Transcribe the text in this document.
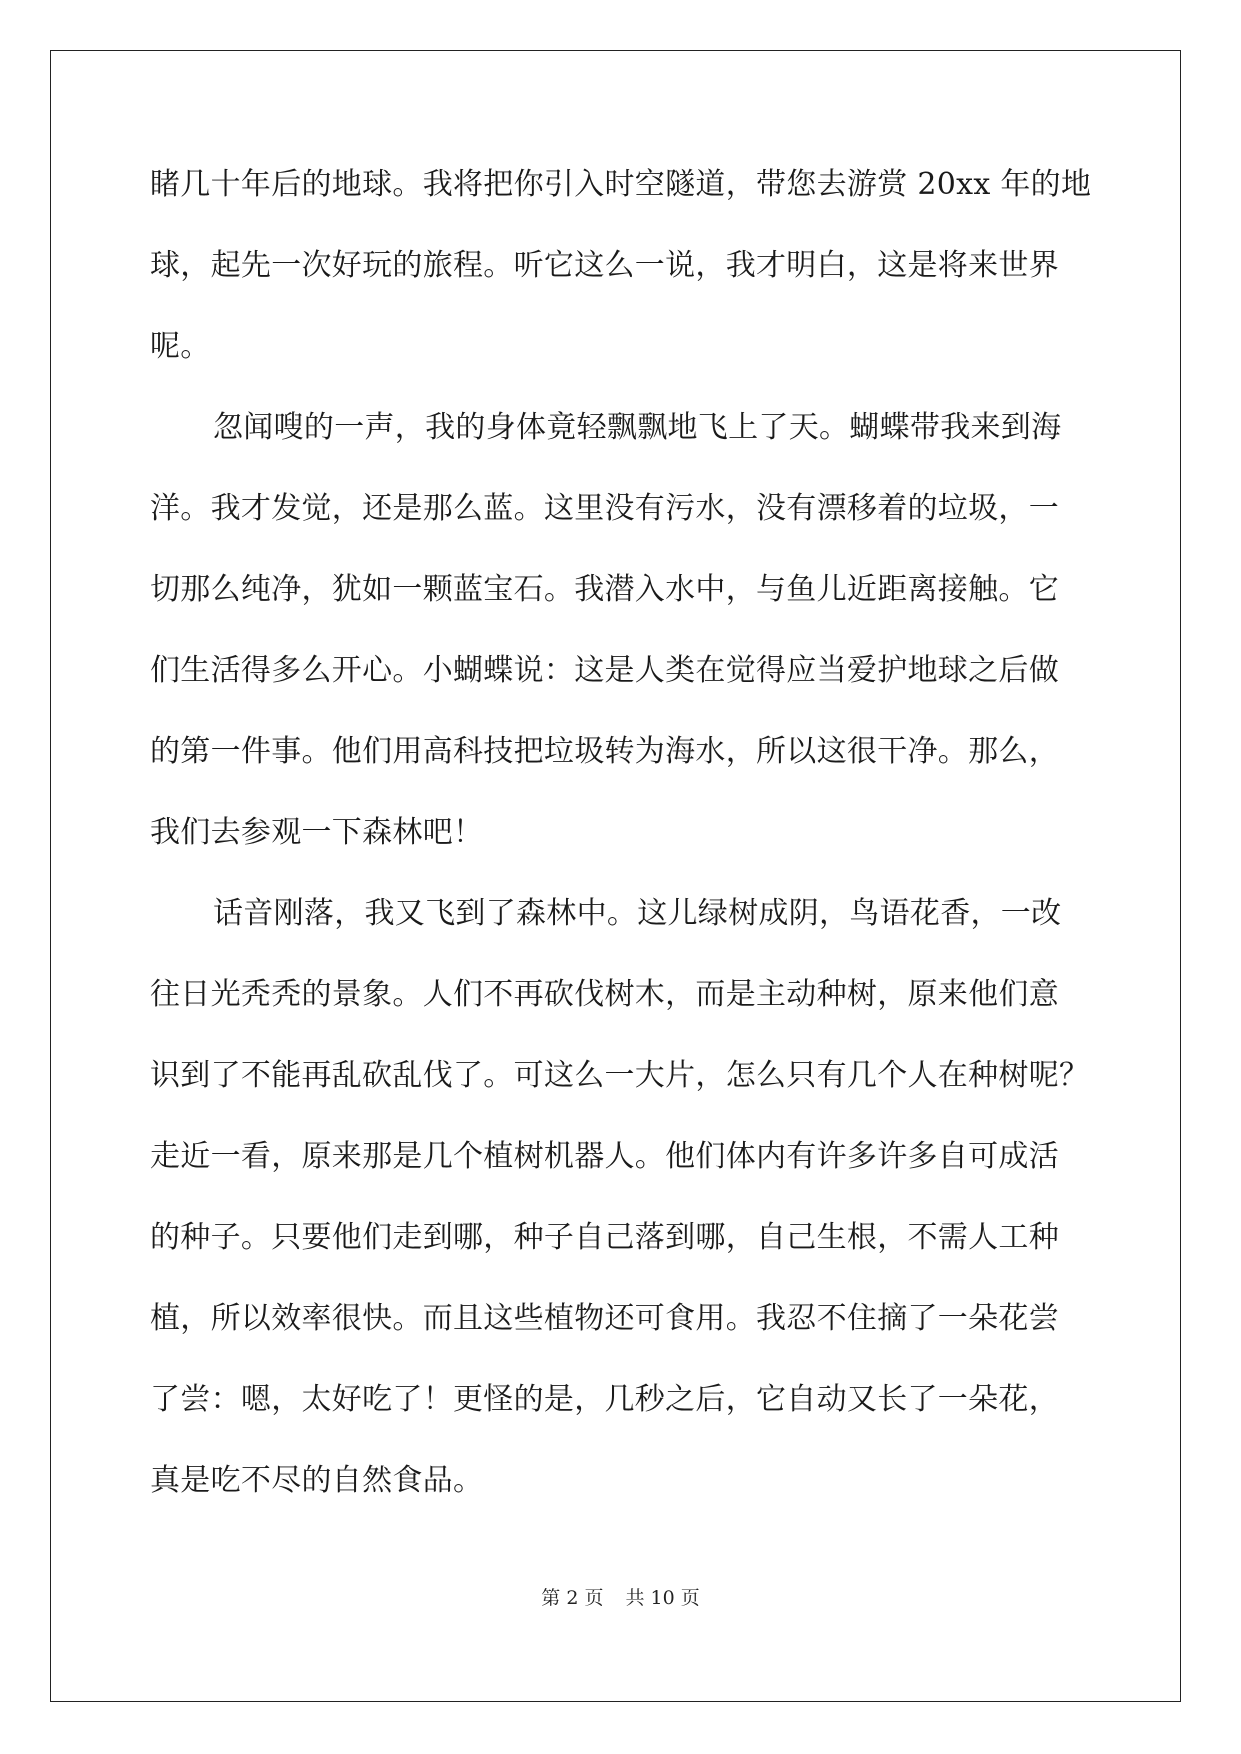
睹几十年后的地球。我将把你引入时空隧道，带您去游赏 20xx 年的地
球，起先一次好玩的旅程。听它这么一说，我才明白，这是将来世界
呢。
忽闻嗖的一声，我的身体竟轻飘飘地飞上了天。蝴蝶带我来到海
洋。我才发觉，还是那么蓝。这里没有污水，没有漂移着的垃圾，一
切那么纯净，犹如一颗蓝宝石。我潜入水中，与鱼儿近距离接触。它
们生活得多么开心。小蝴蝶说：这是人类在觉得应当爱护地球之后做
的第一件事。他们用高科技把垃圾转为海水，所以这很干净。那么，
我们去参观一下森林吧！
话音刚落，我又飞到了森林中。这儿绿树成阴，鸟语花香，一改
往日光秃秃的景象。人们不再砍伐树木，而是主动种树，原来他们意
识到了不能再乱砍乱伐了。可这么一大片，怎么只有几个人在种树呢？
走近一看，原来那是几个植树机器人。他们体内有许多许多自可成活
的种子。只要他们走到哪，种子自己落到哪，自己生根，不需人工种
植，所以效率很快。而且这些植物还可食用。我忍不住摘了一朵花尝
了尝：嗯，太好吃了！更怪的是，几秒之后，它自动又长了一朵花，
真是吃不尽的自然食品。
第 2 页 共 10 页
